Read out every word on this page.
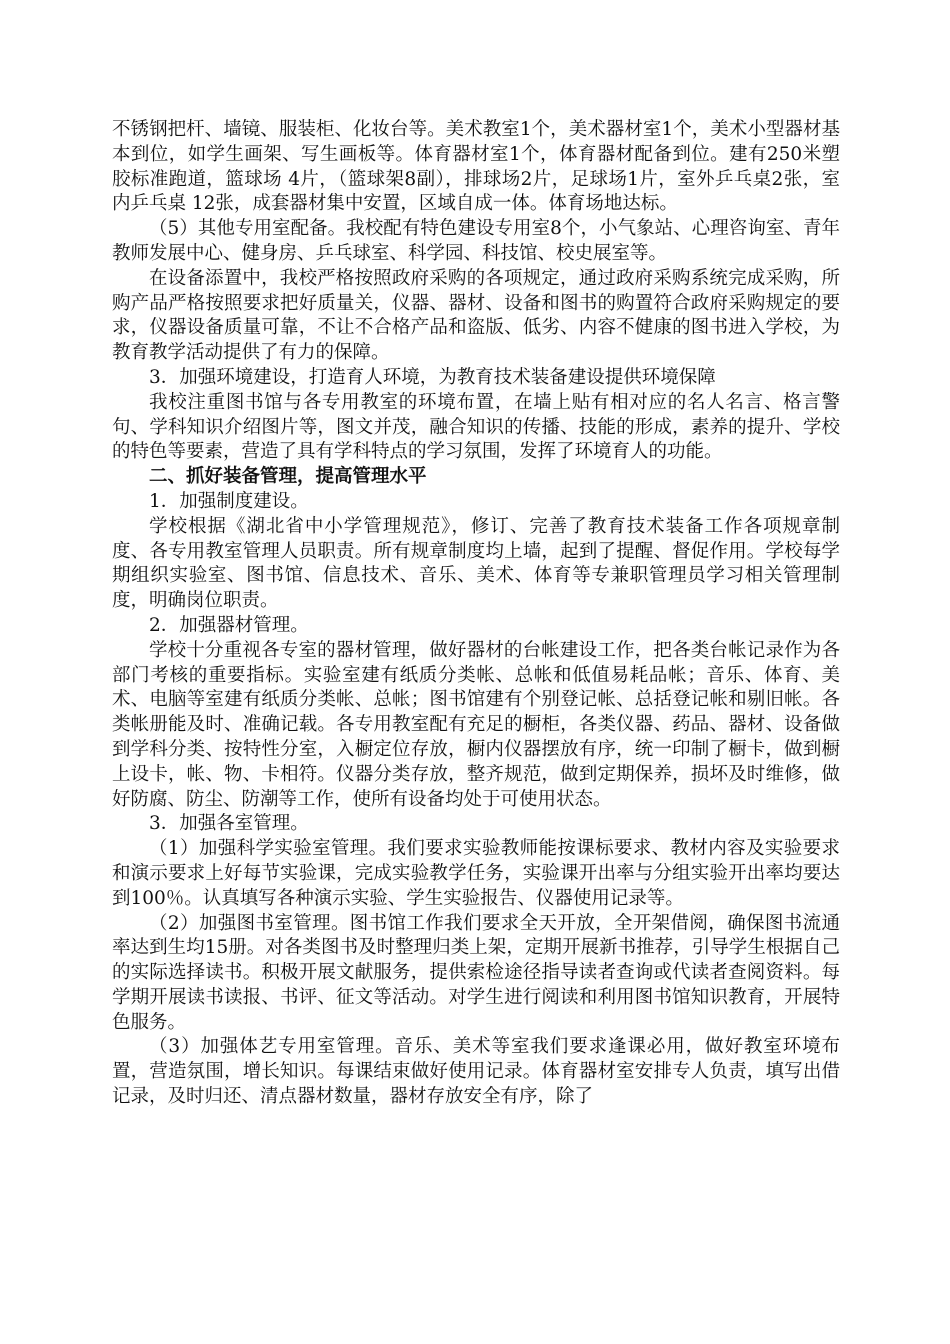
不锈钢把杆、墙镜、服装柜、化妆台等。美术教室1个，美术器材室1个，美术小型器材基本到位，如学生画架、写生画板等。体育器材室1个，体育器材配备到位。建有250米塑胶标准跑道，篮球场 4片，（篮球架8副），排球场2片，足球场1片，室外乒乓桌2张，室内乒乓桌 12张，成套器材集中安置，区域自成一体。体育场地达标。

（5）其他专用室配备。我校配有特色建设专用室8个，小气象站、心理咨询室、青年教师发展中心、健身房、乒乓球室、科学园、科技馆、校史展室等。

在设备添置中，我校严格按照政府采购的各项规定，通过政府采购系统完成采购，所购产品严格按照要求把好质量关，仪器、器材、设备和图书的购置符合政府采购规定的要求，仪器设备质量可靠，不让不合格产品和盗版、低劣、内容不健康的图书进入学校，为教育教学活动提供了有力的保障。

3．加强环境建设，打造育人环境，为教育技术装备建设提供环境保障

我校注重图书馆与各专用教室的环境布置，在墙上贴有相对应的名人名言、格言警句、学科知识介绍图片等，图文并茂，融合知识的传播、技能的形成，素养的提升、学校的特色等要素，营造了具有学科特点的学习氛围，发挥了环境育人的功能。

二、抓好装备管理，提高管理水平

1．加强制度建设。

学校根据《湖北省中小学管理规范》，修订、完善了教育技术装备工作各项规章制度、各专用教室管理人员职责。所有规章制度均上墙，起到了提醒、督促作用。学校每学期组织实验室、图书馆、信息技术、音乐、美术、体育等专兼职管理员学习相关管理制度，明确岗位职责。

2．加强器材管理。

学校十分重视各专室的器材管理，做好器材的台帐建设工作，把各类台帐记录作为各部门考核的重要指标。实验室建有纸质分类帐、总帐和低值易耗品帐；音乐、体育、美术、电脑等室建有纸质分类帐、总帐；图书馆建有个别登记帐、总括登记帐和剔旧帐。各类帐册能及时、准确记载。各专用教室配有充足的橱柜，各类仪器、药品、器材、设备做到学科分类、按特性分室，入橱定位存放，橱内仪器摆放有序，统一印制了橱卡，做到橱上设卡，帐、物、卡相符。仪器分类存放，整齐规范，做到定期保养，损坏及时维修，做好防腐、防尘、防潮等工作，使所有设备均处于可使用状态。

3．加强各室管理。

（1）加强科学实验室管理。我们要求实验教师能按课标要求、教材内容及实验要求和演示要求上好每节实验课，完成实验教学任务，实验课开出率与分组实验开出率均要达到100％。认真填写各种演示实验、学生实验报告、仪器使用记录等。

（2）加强图书室管理。图书馆工作我们要求全天开放，全开架借阅，确保图书流通率达到生均15册。对各类图书及时整理归类上架，定期开展新书推荐，引导学生根据自己的实际选择读书。积极开展文献服务，提供索检途径指导读者查询或代读者查阅资料。每学期开展读书读报、书评、征文等活动。对学生进行阅读和利用图书馆知识教育，开展特色服务。

（3）加强体艺专用室管理。音乐、美术等室我们要求逢课必用，做好教室环境布置，营造氛围，增长知识。每课结束做好使用记录。体育器材室安排专人负责，填写出借记录，及时归还、清点器材数量，器材存放安全有序，除了
